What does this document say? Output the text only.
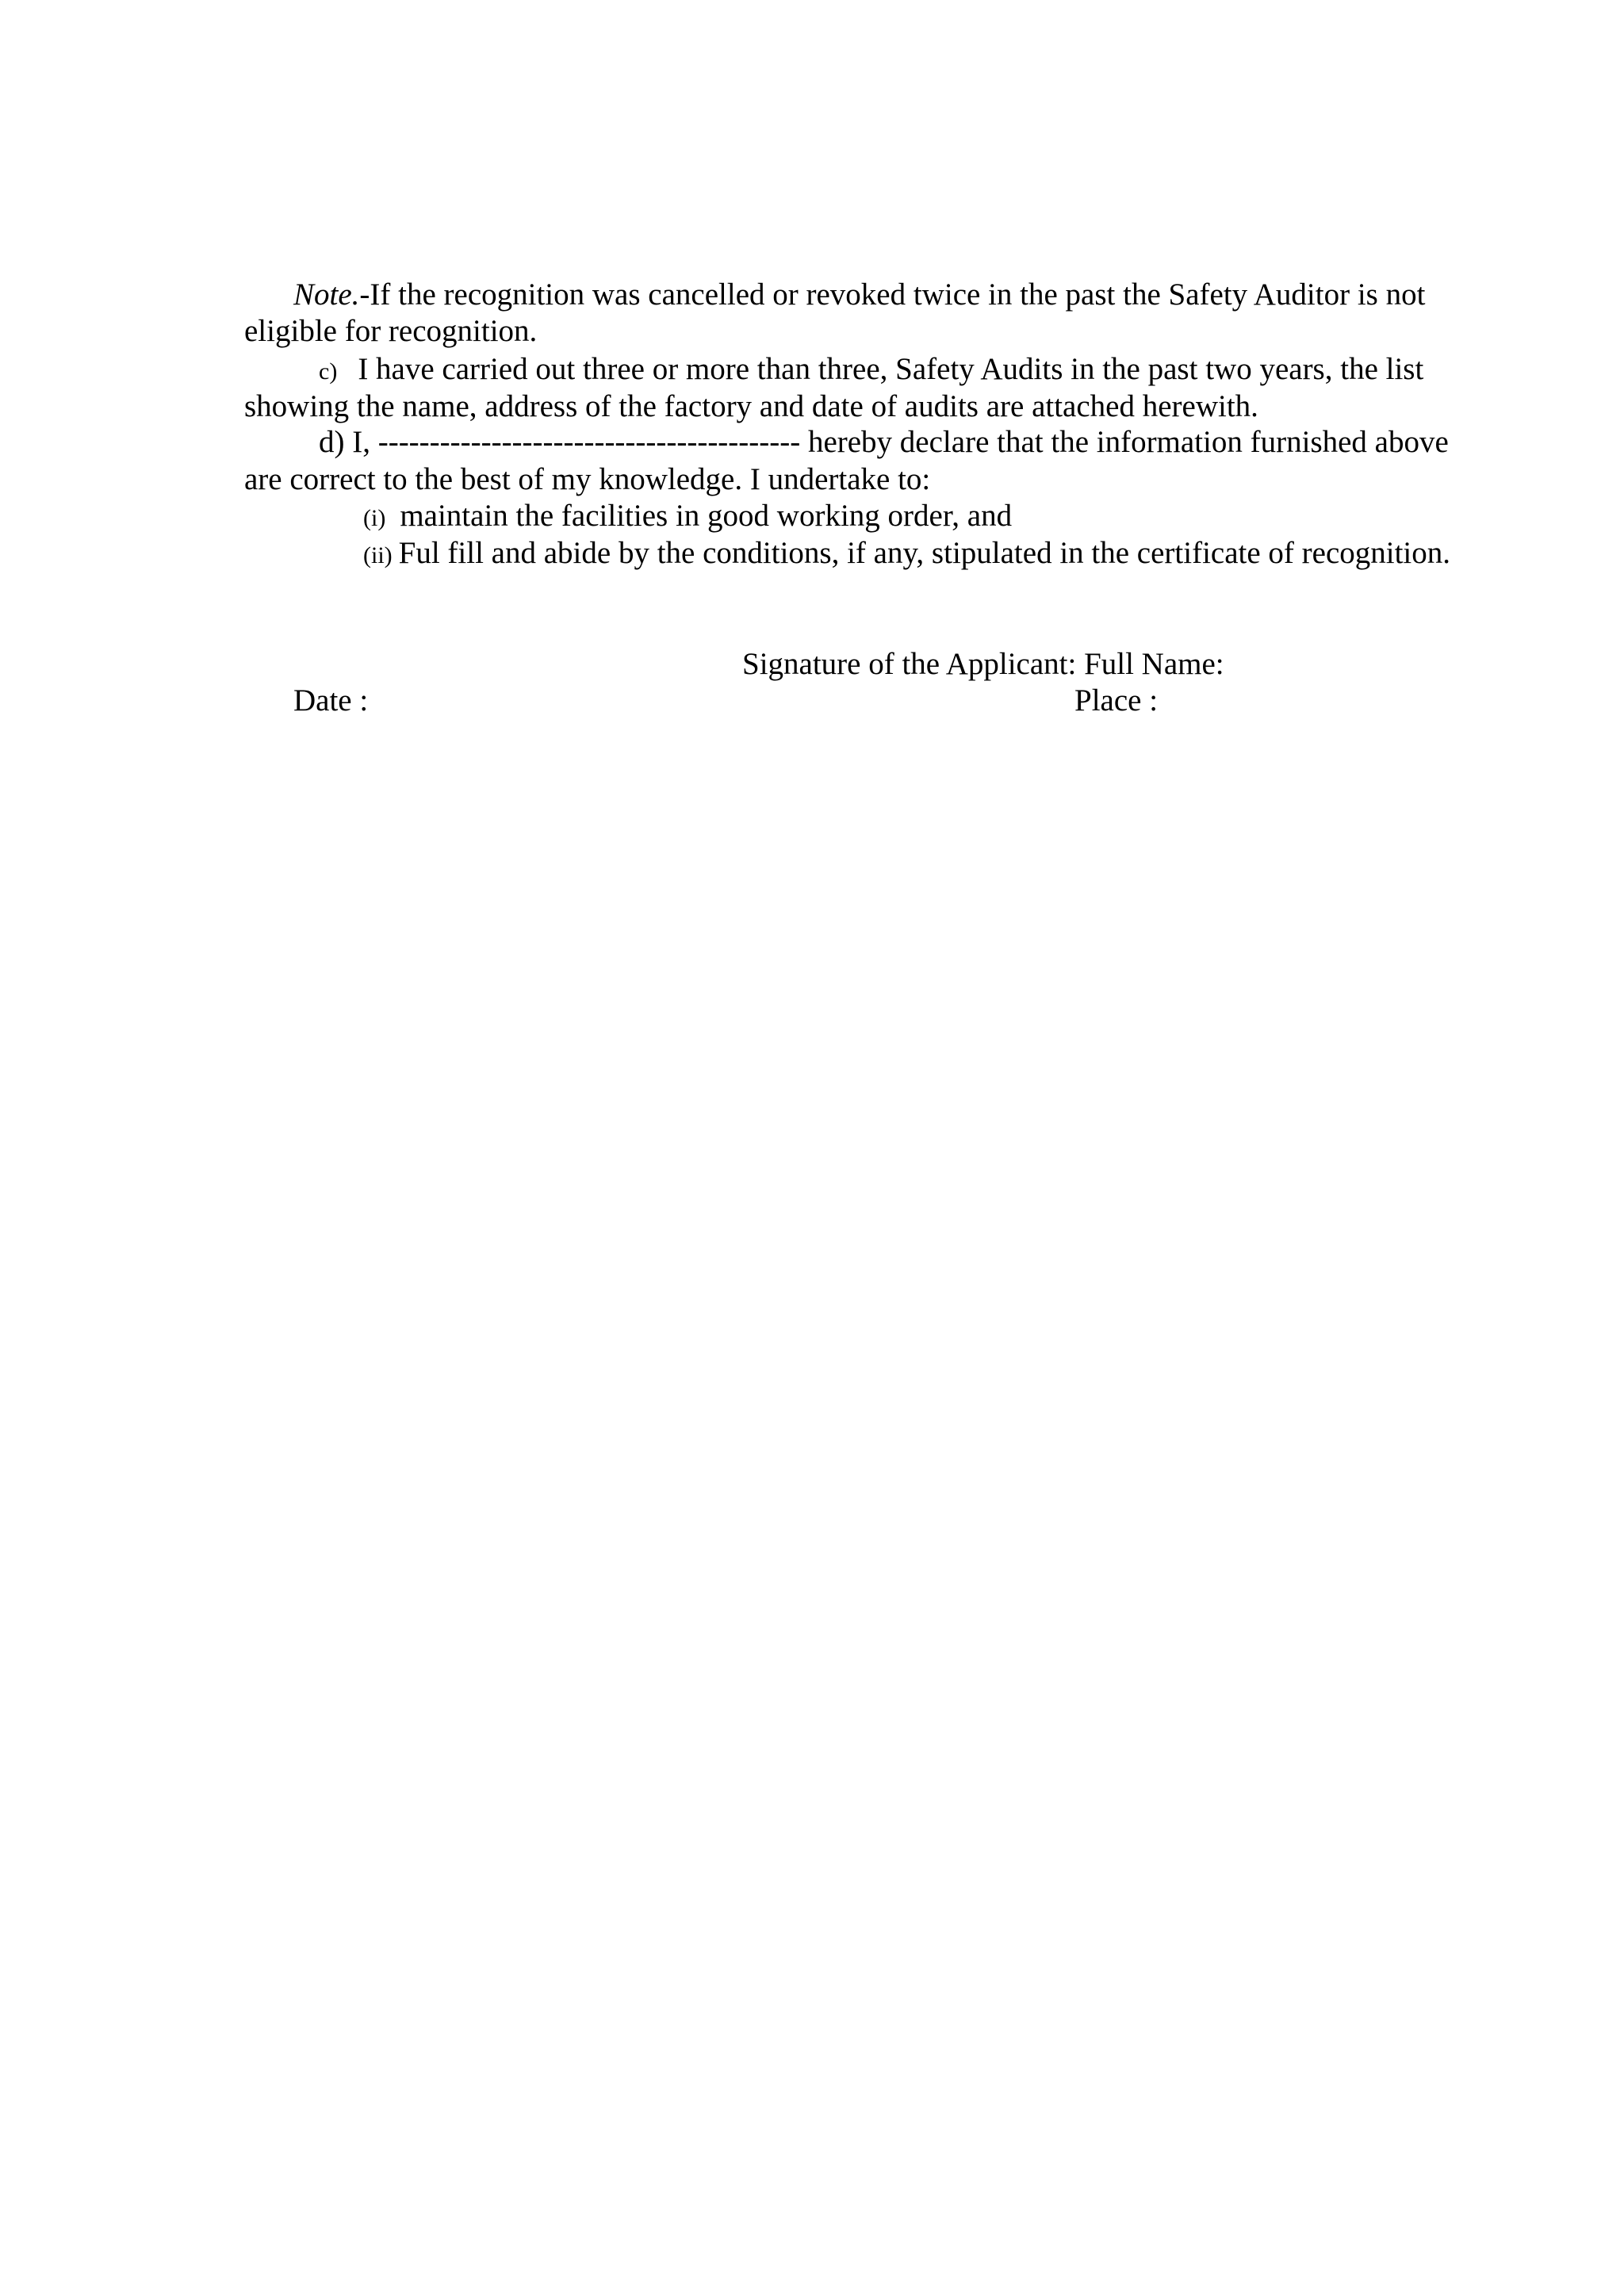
Note.-If the recognition was cancelled or revoked twice in the past the Safety Auditor is not
eligible for recognition.
c) I have carried out three or more than three, Safety Audits in the past two years, the list
showing the name, address of the factory and date of audits are attached herewith.
d) I, ----------------------------------------- hereby declare that the information furnished above
are correct to the best of my knowledge. I undertake to:
(i) maintain the facilities in good working order, and
(ii) Ful fill and abide by the conditions, if any, stipulated in the certificate of recognition.
Signature of the Applicant: Full Name:
Date :	Place :
